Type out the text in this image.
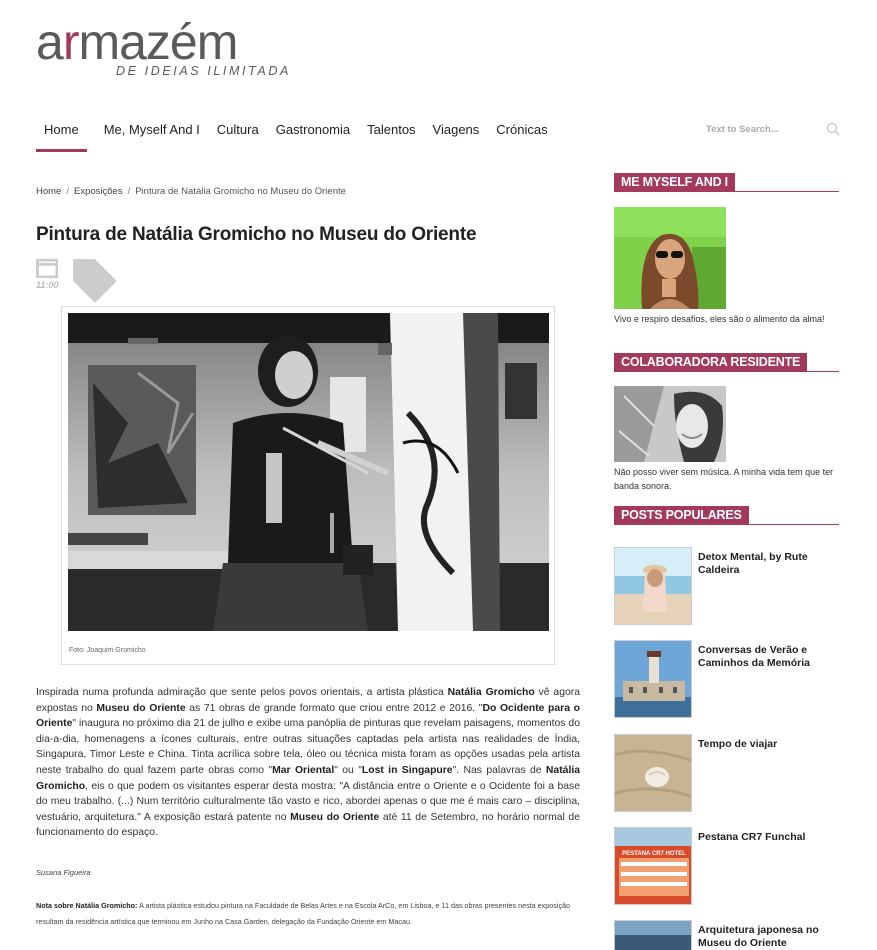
armazém
DE IDEIAS ILIMITADA
Home	Me, Myself And I Cultura Gastronomia Talentos Viagens Crónicas
Text to Search...
Home / Exposições / Pintura de Natália Gromicho no Museu do Oriente
Pintura de Natália Gromicho no Museu do Oriente
11:00
Foto: Joaquim Gromicho
Inspirada numa profunda admiração que sente pelos povos orientais, a artista plástica Natália Gromicho vê agora expostas no Museu do Oriente as 71 obras de grande formato que criou entre 2012 e 2016. "Do Ocidente para o Oriente" inaugura no próximo dia 21 de julho e exibe uma panóplia de pinturas que revelam paisagens, momentos do dia-a-dia, homenagens a ícones culturais, entre outras situações captadas pela artista nas realidades de Índia, Singapura, Timor Leste e China. Tinta acrílica sobre tela, óleo ou técnica mista foram as opções usadas pela artista neste trabalho do qual fazem parte obras como "Mar Oriental" ou "Lost in Singapure". Nas palavras de Natália Gromicho, eis o que podem os visitantes esperar desta mostra: "A distância entre o Oriente e o Ocidente foi a base do meu trabalho. (...) Num território culturalmente tão vasto e rico, abordei apenas o que me é mais caro – disciplina, vestuário, arquitetura." A exposição estará patente no Museu do Oriente até 11 de Setembro, no horário normal de funcionamento do espaço.
Susana Figueira
Nota sobre Natália Gromicho: A artista plástica estudou pintura na Faculdade de Belas Artes e na Escola ArCo, em Lisboa, e 11 das obras presentes nesta exposição resultam da residência artística que terminou em Junho na Casa Garden, delegação da Fundação Oriente em Macau.
ME MYSELF AND I
Vivo e respiro desafios, eles são o alimento da alma!
COLABORADORA RESIDENTE
Não posso viver sem música. A minha vida tem que ter banda sonora.
POSTS POPULARES
Detox Mental, by Rute Caldeira
Conversas de Verão e Caminhos da Memória
Tempo de viajar
PESTANA CR7 HOTEL
Pestana CR7 Funchal
Arquitetura japonesa no Museu do Oriente
